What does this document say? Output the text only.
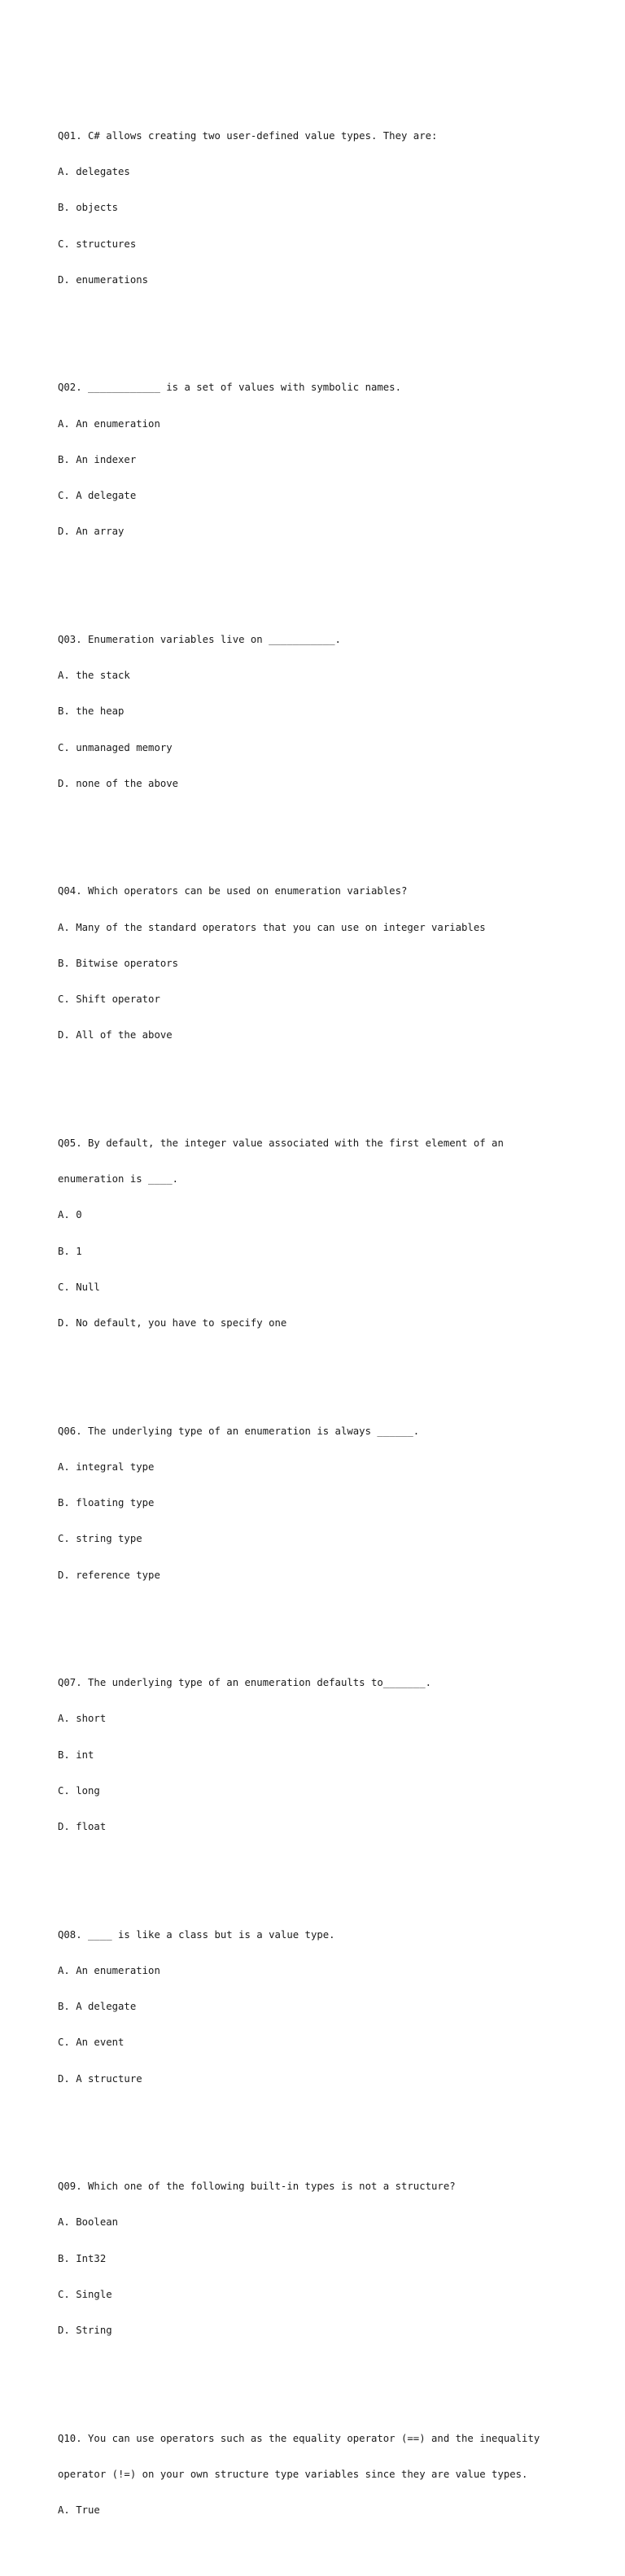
Q01. C# allows creating two user-defined value types. They are:

A. delegates

B. objects

C. structures

D. enumerations

Q02. ____________ is a set of values with symbolic names.

A. An enumeration

B. An indexer

C. A delegate

D. An array

Q03. Enumeration variables live on ___________.

A. the stack

B. the heap

C. unmanaged memory

D. none of the above

Q04. Which operators can be used on enumeration variables?

A. Many of the standard operators that you can use on integer variables

B. Bitwise operators

C. Shift operator

D. All of the above

Q05. By default, the integer value associated with the first element of an

enumeration is ____.

A. 0

B. 1

C. Null

D. No default, you have to specify one

Q06. The underlying type of an enumeration is always ______.

A. integral type

B. floating type

C. string type

D. reference type

Q07. The underlying type of an enumeration defaults to_______.

A. short

B. int

C. long

D. float

Q08. ____ is like a class but is a value type.

A. An enumeration

B. A delegate

C. An event

D. A structure

Q09. Which one of the following built-in types is not a structure?

A. Boolean

B. Int32

C. Single

D. String

Q10. You can use operators such as the equality operator (==) and the inequality

operator (!=) on your own structure type variables since they are value types.

A. True
